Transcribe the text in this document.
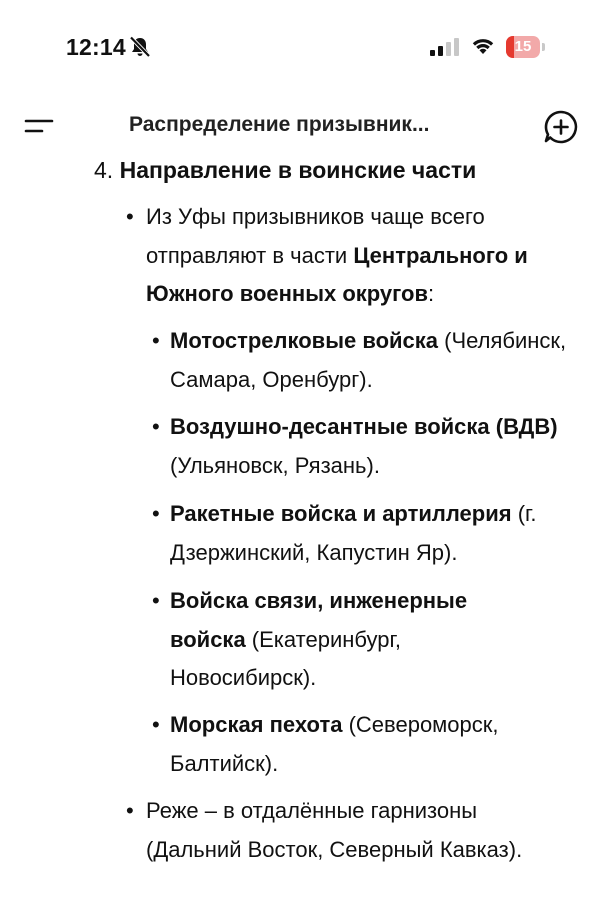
12:14	15
Распределение призывник...
4. Направление в воинские части
• Из Уфы призывников чаще всего отправляют в части Центрального и Южного военных округов:
• Мотострелковые войска (Челябинск, Самара, Оренбург).
• Воздушно-десантные войска (ВДВ) (Ульяновск, Рязань).
• Ракетные войска и артиллерия (г. Дзержинский, Капустин Яр).
• Войска связи, инженерные войска (Екатеринбург, Новосибирск).
• Морская пехота (Североморск, Балтийск).
• Реже – в отдалённые гарнизоны (Дальний Восток, Северный Кавказ).
